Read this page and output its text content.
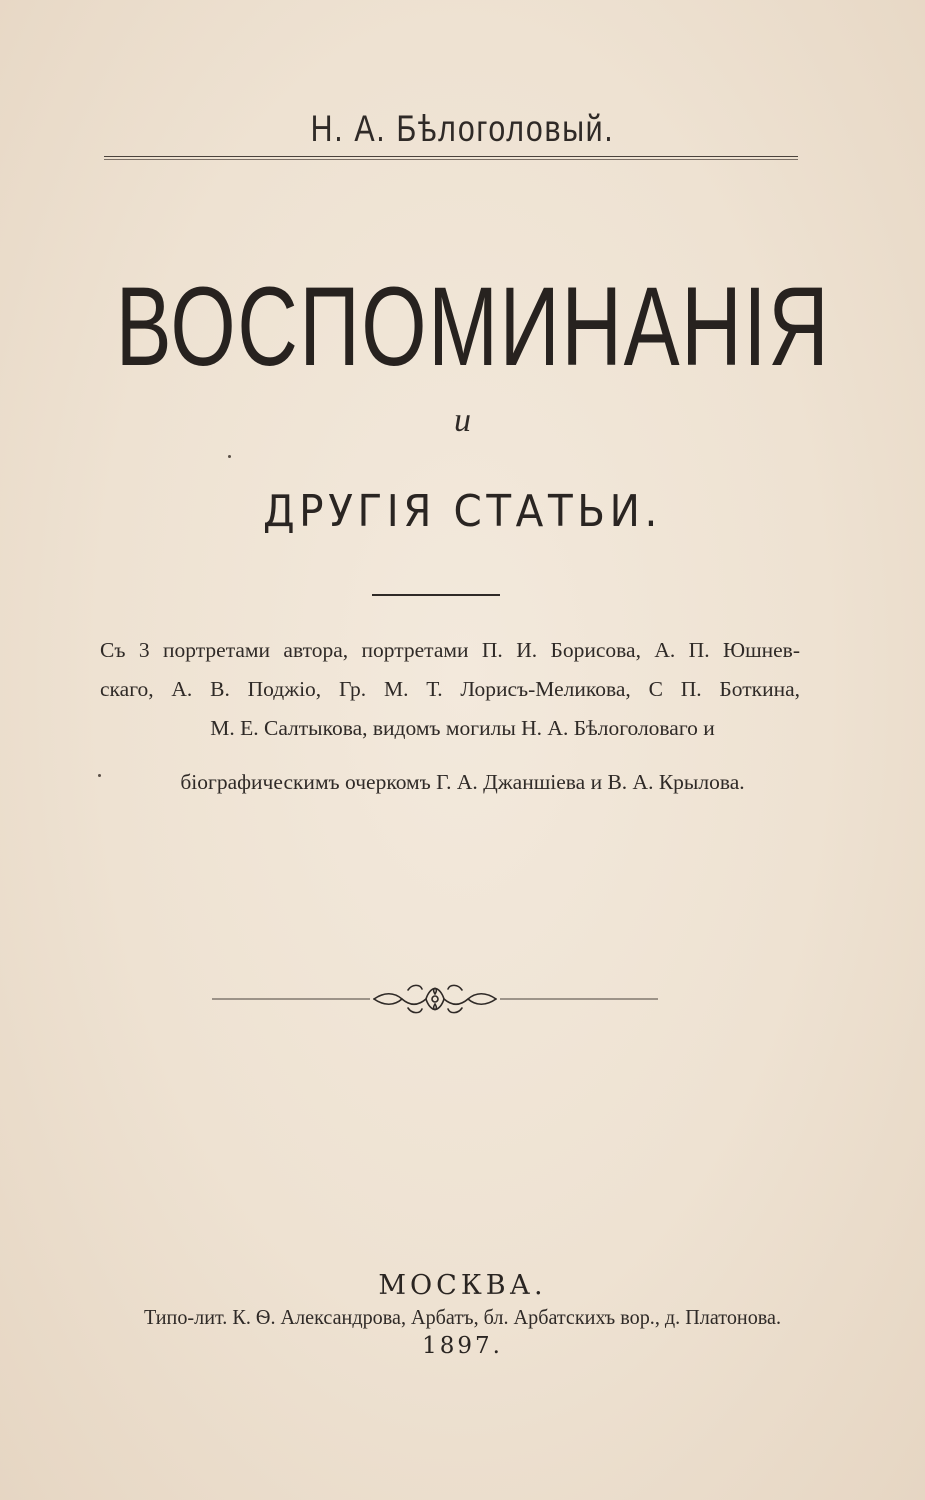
Н. А. Бѣлоголовый.
ВОСПОМИНАНІЯ
и
ДРУГІЯ СТАТЬИ.
Съ 3 портретами автора, портретами П. И. Борисова, А. П. Юшнев-
скаго, А. В. Поджіо, Гр. М. Т. Лорисъ-Меликова, С П. Боткина,
М. Е. Салтыкова, видомъ могилы Н. А. Бѣлоголоваго и
біографическимъ очеркомъ Г. А. Джаншіева и В. А. Крылова.
МОСКВА.
Типо-лит. К. Ѳ. Александрова, Арбатъ, бл. Арбатскихъ вор., д. Платонова.
1897.
